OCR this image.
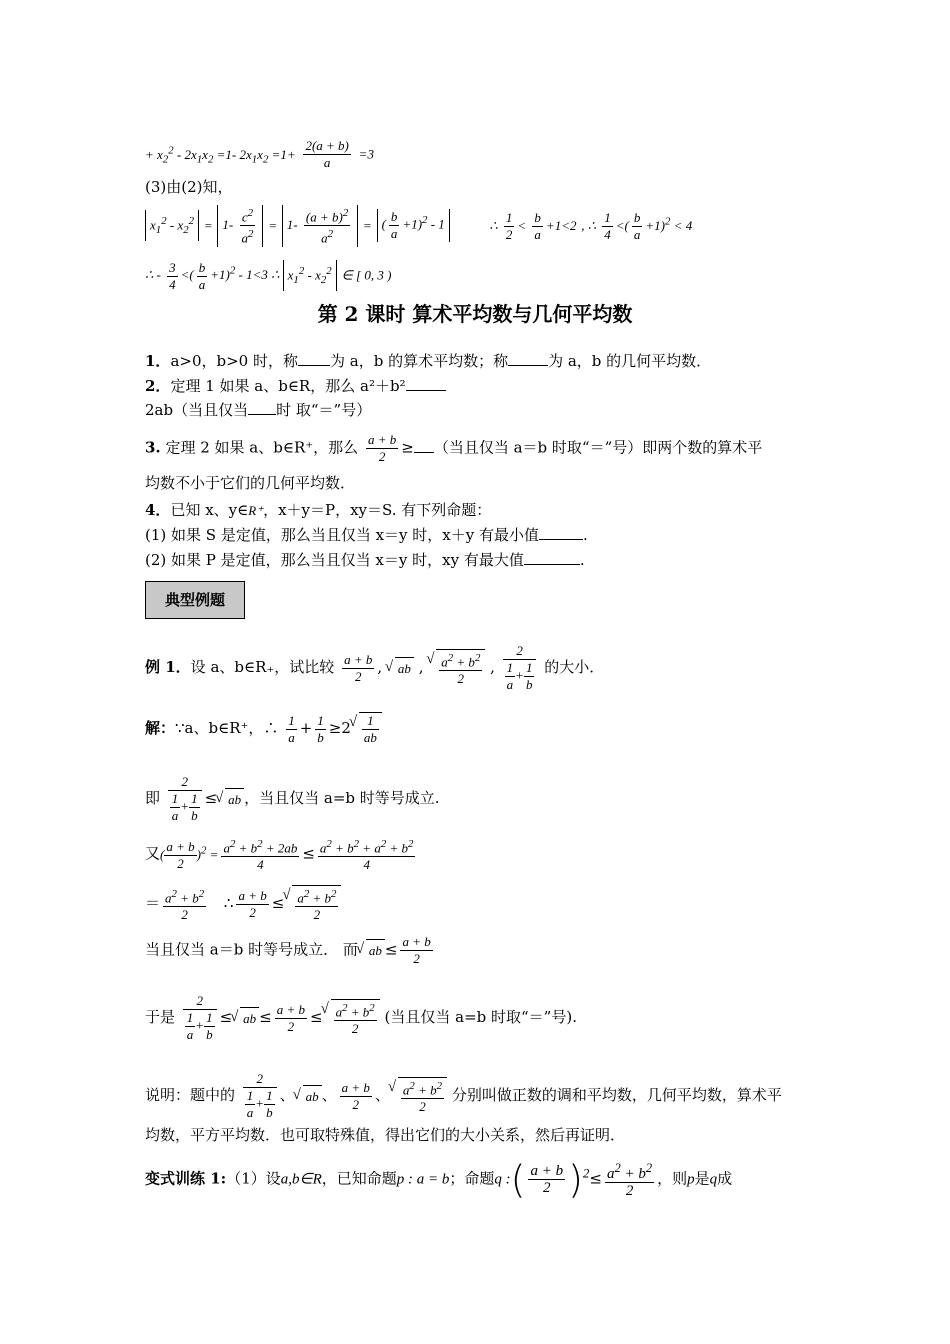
+ $x_2^2 - 2x_1x_2 =1-$ $2x_1x_2 =1+ \frac{2(a + b)}{a} =3$
(3)由(2)知，
$x_1^2 - x_2^2 = 1- \frac{c^2}{a^2} = 1- \frac{(a + b)^2}{a^2}$ = ( $\frac{b}{a} +1)^2 - 1$	∴ $\frac{1}{2} < \frac{b}{a} +1<2$ , ∴ $\frac{1}{4}$ <( $\frac{b}{a} +1)^2 < 4$
∴ - $\frac{3}{4}$ <( $\frac{b}{a} +1)^2 - 1<3$ ∴ $x_1^2 - x_2^2$ ∈ [ 0, 3 )
第 2 课时 算术平均数与几何平均数
1．a>0，b>0 时，称 为 a，b 的算术平均数；称	为 a，b 的几何平均数．
2．定理 1 如果 a、b∈R，那么 a²＋b²
2ab（当且仅当 时 取“＝”号）
3. 定理 2 如果 a、b∈R⁺，那么 $\frac{a + b}{2}$ ≥ （当且仅当 a＝b 时取“＝”号）即两个数的算术平
均数不小于它们的几何平均数．
4．已知 x、y∈R⁺，x＋y＝P，xy＝S. 有下列命题：
(1) 如果 S 是定值，那么当且仅当 x＝y 时，x＋y 有最小值	.
(2) 如果 P 是定值，那么当且仅当 x＝y 时，xy 有最大值	.
典型例题
例 1．设 a、b∈R₊，试比较 $\frac{a + b}{2}$ , √ ab , √ $\frac{a^2 + b^2}{2}$ , $\frac{2}{\frac{1}{a} + \frac{1}{b}}$ 的大小．
解：∵a、b∈R⁺，∴ $\frac{1}{a} + \frac{1}{b} \ge 2$ √ $\frac{1}{ab}$
即 $\frac{2}{\frac{1}{a} + \frac{1}{b}}$ ≤ √ ab ，当且仅当 a=b 时等号成立.
又( $\frac{a + b}{2} )^2 = \frac{a^2 + b^2 + 2ab}{4} \le \frac{a^2 + b^2 + a^2 + b^2}{4}$
＝ $\frac{a^2 + b^2}{2}$ ∴ $\frac{a + b}{2}$ ≤ √ $\frac{a^2 + b^2}{2}$
当且仅当 a＝b 时等号成立． 而 √ ab ≤ $\frac{a + b}{2}$
于是 $\frac{2}{\frac{1}{a} + \frac{1}{b}}$ ≤ √ ab ≤ $\frac{a + b}{2}$ ≤ √ $\frac{a^2 + b^2}{2}$ (当且仅当 a=b 时取“＝”号).
说明：题中的 $\frac{2}{\frac{1}{a} + \frac{1}{b}}$ 、 √ ab 、 $\frac{a + b}{2}$ 、 √ $\frac{a^2 + b^2}{2}$ 分别叫做正数的调和平均数，几何平均数，算术平
均数，平方平均数．也可取特殊值，得出它们的大小关系，然后再证明．
变式训练 1:（1）设a,b∈R，已知命题p : a = b；命题q :( $\frac{a + b}{2} )^2\le \frac{a^2 + b^2}{2}$ ，则p是q成
